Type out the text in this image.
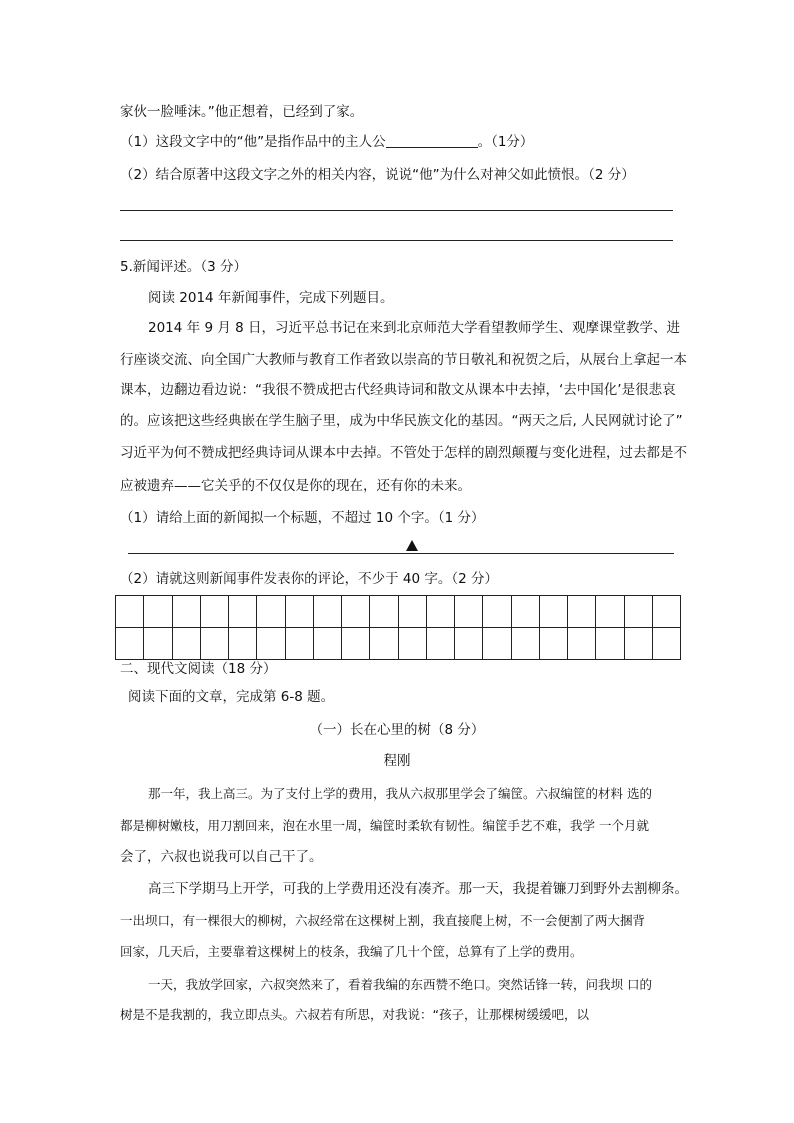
家伙一脸唾沫。”他正想着，已经到了家。
（1）这段文字中的“他”是指作品中的主人公	。（1分）
（2）结合原著中这段文字之外的相关内容，说说“他”为什么对神父如此愤恨。（2 分）
5.新闻评述。（3 分）
阅读 2014 年新闻事件，完成下列题目。
2014 年 9 月 8 日，习近平总书记在来到北京师范大学看望教师学生、观摩课堂教学、进
行座谈交流、向全国广大教师与教育工作者致以崇高的节日敬礼和祝贺之后，从展台上拿起一本
课本，边翻边看边说：“我很不赞成把古代经典诗词和散文从课本中去掉，‘去中国化’是很悲哀
的。应该把这些经典嵌在学生脑子里，成为中华民族文化的基因。“两天之后, 人民网就讨论了”
习近平为何不赞成把经典诗词从课本中去掉。不管处于怎样的剧烈颠覆与变化进程，过去都是不
应被遗弃——它关乎的不仅仅是你的现在，还有你的未来。
（1）请给上面的新闻拟一个标题，不超过 10 个字。（1 分）
（2）请就这则新闻事件发表你的评论，不少于 40 字。（2 分）

二、现代文阅读（18 分）
阅读下面的文章，完成第 6-8 题。
（一）长在心里的树（8 分）
程刚
那一年，我上高三。为了支付上学的费用，我从六叔那里学会了编筐。六叔编筐的材料 选的
都是柳树嫩枝，用刀割回来，泡在水里一周，编筐时柔软有韧性。编筐手艺不难，我学 一个月就
会了，六叔也说我可以自己干了。
高三下学期马上开学，可我的上学费用还没有凑齐。那一天，我提着镰刀到野外去割柳条。
一出坝口，有一棵很大的柳树，六叔经常在这棵树上割，我直接爬上树，不一会便割了两大捆背
回家，几天后，主要靠着这棵树上的枝条，我编了几十个筐，总算有了上学的费用。
一天，我放学回家，六叔突然来了，看着我编的东西赞不绝口。突然话锋一转，问我坝 口的
树是不是我割的，我立即点头。六叔若有所思，对我说：“孩子，让那棵树缓缓吧，以
